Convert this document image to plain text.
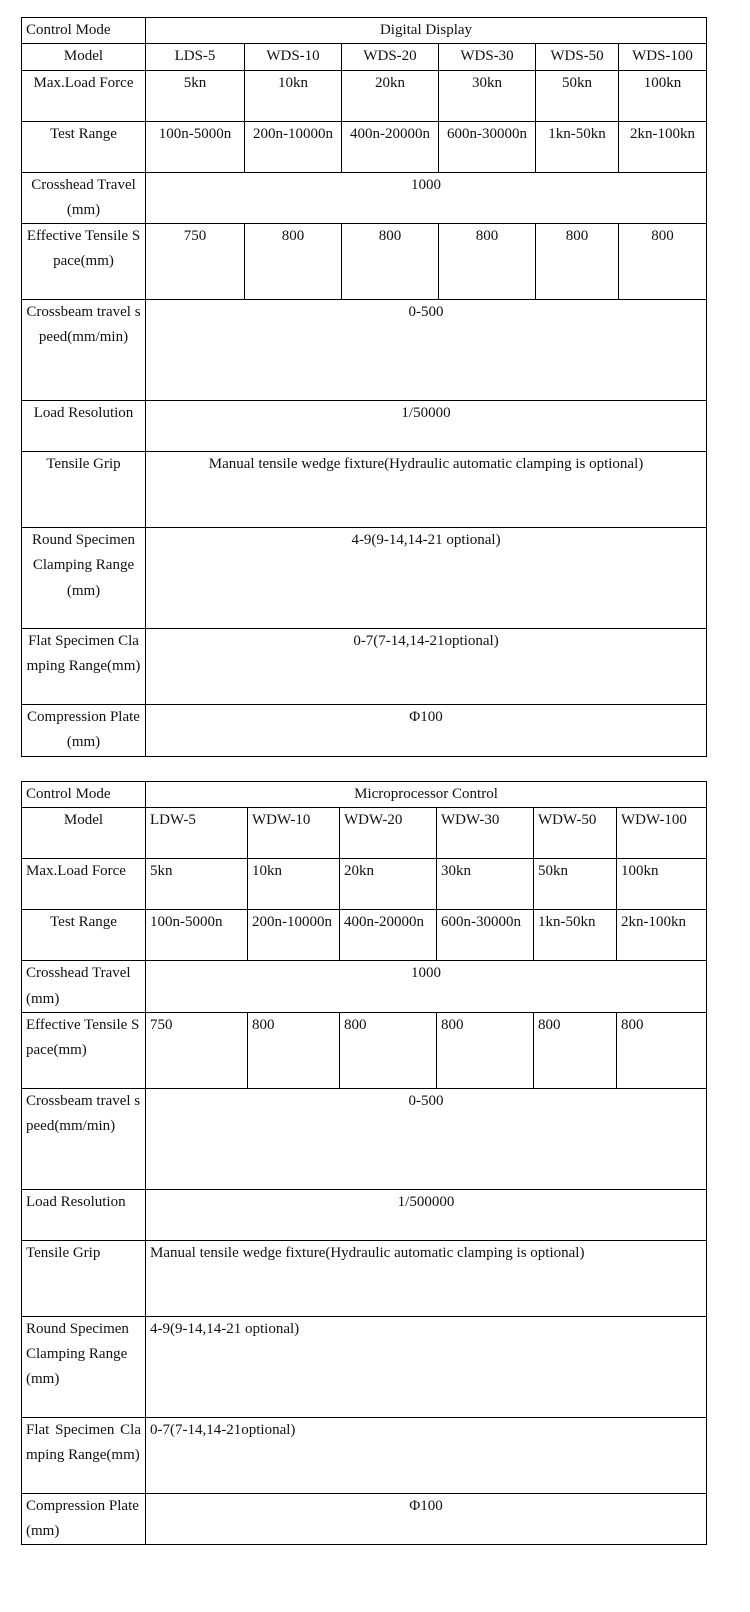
Control Mode	Digital Display					
Model	LDS-5	WDS-10	WDS-20	WDS-30	WDS-50	WDS-100
Max.Load Force	5kn	10kn	20kn	30kn	50kn	100kn
Test Range	100n-5000n	200n-10000n	400n-20000n	600n-30000n	1kn-50kn	2kn-100kn
Crosshead Travel(mm)	1000					
Effective Tensile Space(mm)	750	800	800	800	800	800
Crossbeam travel speed(mm/min)	0-500					
Load Resolution	1/50000					
Tensile Grip	Manual tensile wedge fixture(Hydraulic automatic clamping is optional)					
Round Specimen Clamping Range(mm)	4-9(9-14,14-21 optional)					
Flat Specimen Clamping Range(mm)	0-7(7-14,14-21optional)					
Compression Plate(mm)	Φ100					
Control Mode	Microprocessor Control					
Model	LDW-5	WDW-10	WDW-20	WDW-30	WDW-50	WDW-100
Max.Load Force	5kn	10kn	20kn	30kn	50kn	100kn
Test Range	100n-5000n	200n-10000n	400n-20000n	600n-30000n	1kn-50kn	2kn-100kn
Crosshead Travel(mm)	1000					
Effective Tensile Space(mm)	750	800	800	800	800	800
Crossbeam travel speed(mm/min)	0-500					
Load Resolution	1/500000					
Tensile Grip	Manual tensile wedge fixture(Hydraulic automatic clamping is optional)					
Round Specimen Clamping Range(mm)	4-9(9-14,14-21 optional)					
Flat Specimen Clamping Range(mm)	0-7(7-14,14-21optional)					
Compression Plate(mm)	Φ100					
